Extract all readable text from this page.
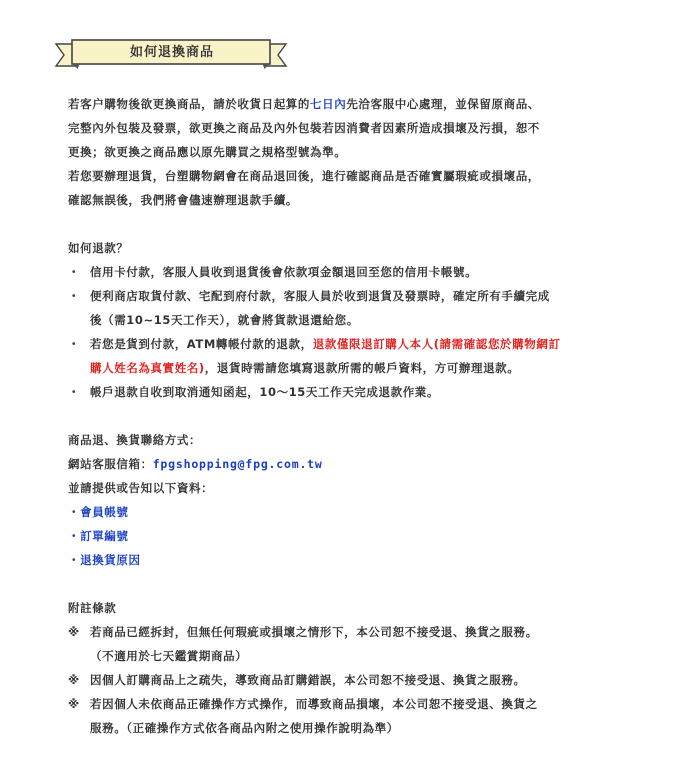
如何退換商品
若客户購物後欲更換商品，請於收貨日起算的七日內先洽客服中心處理，並保留原商品、
完整內外包裝及發票，欲更換之商品及內外包裝若因消費者因素所造成損壞及污損，恕不
更換；欲更換之商品應以原先購買之規格型號為準。
若您要辦理退貨，台塑購物網會在商品退回後，進行確認商品是否確實屬瑕疵或損壞品，
確認無誤後，我們將會儘速辦理退款手續。
如何退款？
・ 信用卡付款，客服人員收到退貨後會依款項金額退回至您的信用卡帳號。
・ 便利商店取貨付款、宅配到府付款，客服人員於收到退貨及發票時，確定所有手續完成
後（需10~15天工作天），就會將貨款退還給您。
・ 若您是貨到付款，ATM轉帳付款的退款，退款僅限退訂購人本人(請需確認您於購物網訂
購人姓名為真實姓名)，退貨時需請您填寫退款所需的帳戶資料，方可辦理退款。
・ 帳戶退款自收到取消通知函起，10～15天工作天完成退款作業。
商品退、換貨聯絡方式：
網站客服信箱：fpgshopping@fpg.com.tw
並請提供或告知以下資料：
・會員帳號
・訂單編號
・退換貨原因
附註條款
※ 若商品已經拆封，但無任何瑕疵或損壞之情形下，本公司恕不接受退、換貨之服務。
（不適用於七天鑑賞期商品）
※ 因個人訂購商品上之疏失，導致商品訂購錯誤，本公司恕不接受退、換貨之服務。
※ 若因個人未依商品正確操作方式操作，而導致商品損壞，本公司恕不接受退、換貨之
服務。（正確操作方式依各商品內附之使用操作說明為準）
